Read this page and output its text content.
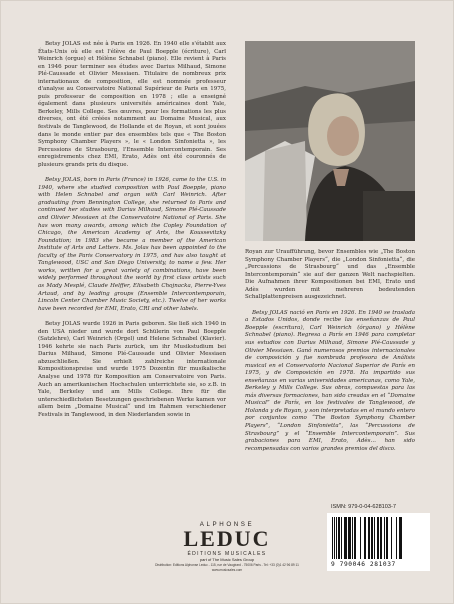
Betsy JOLAS est née à Paris en 1926. En 1940 elle s'établit aux États-Unis où elle est l'élève de Paul Boepple (écriture), Carl Weinrich (orgue) et Hélène Schnabel (piano). Elle revient à Paris en 1946 pour terminer ses études avec Darius Milhaud, Simone Plé-Caussade et Olivier Messiaen. Titulaire de nombreux prix internationaux de composition, elle est nommée professeur d'analyse au Conservatoire National Supérieur de Paris en 1975, puis professeur de composition en 1978 ; elle a enseigné également dans plusieurs universités américaines dont Yale, Berkeley, Mills College. Ses œuvres, pour les formations les plus diverses, ont été créées notamment au Domaine Musical, aux festivals de Tanglewood, de Hollande et de Royan, et sont jouées dans le monde entier par des ensembles tels que « The Boston Symphony Chamber Players », le « London Sinfonietta », les Percussions de Strasbourg, l'Ensemble Intercontemporain. Ses enregistrements chez EMI, Erato, Adès ont été couronnés de plusieurs grands prix du disque.

Betsy JOLAS, born in Paris (France) in 1926, came to the U.S. in 1940, where she studied composition with Paul Boepple, piano with Helen Schnabel and organ with Carl Weinrich. After graduating from Bennington College, she returned to Paris and continued her studies with Darius Milhaud, Simone Plé-Caussade and Olivier Messiaen at the Conservatoire National of Paris. She has won many awards, among which the Copley Foundation of Chicago, the American Academy of Arts, the Koussevitzky Foundation; in 1983 she became a member of the American Institute of Arts and Letters. Ms. Jolas has been appointed to the faculty of the Paris Conservatory in 1975, and has also taught at Tanglewood, USC and San Diego University, to name a few. Her works, written for a great variety of combinations, have been widely performed throughout the world by first class artists such as Mady Mesplé, Claude Helffer, Elisabeth Chojnacka, Pierre-Yves Artaud, and by leading groups (Ensemble Intercontemporain, Lincoln Center Chamber Music Society, etc.). Twelve of her works have been recorded for EMI, Erato, CRI and other labels.

Betsy JOLAS wurde 1926 in Paris geboren. Sie ließ sich 1940 in den USA nieder und wurde dort Schülerin von Paul Boepple (Satzlehre), Carl Weinrich (Orgel) und Helene Schnabel (Klavier). 1946 kehrte sie nach Paris zurück, um ihr Musikstudium bei Darius Milhaud, Simone Plé-Caussade und Olivier Messiaen abzuschließen. Sie erhielt zahlreiche internationale Kompositionspreise und wurde 1975 Dozentin für musikalische Analyse und 1978 für Komposition am Conservatoire von Paris. Auch an amerikanischen Hochschulen unterrichtete sie, so z.B. in Yale, Berkeley und am Mills College. Ihre für die unterschiedlichsten Besetzungen geschriebenen Werke kamen vor allem beim „Domaine Musical“ und im Rahmen verschiedener Festivals in Tanglewood, in den Niederlanden sowie in

Royan zur Uraufführung, bevor Ensembles wie „The Boston Symphony Chamber Players“, die „London Sinfonietta“, die „Percussions de Strasbourg“ und das „Ensemble Intercontemporain“ sie auf der ganzen Welt nachspielten. Die Aufnahmen ihrer Kompositionen bei EMI, Erato und Adès wurden mit mehreren bedeutenden Schallplattenpreisen ausgezeichnet.

Betsy JOLAS nació en Paris en 1926. En 1940 se traslada a Estados Unidos, donde recibe las enseñanzas de Paul Boepple (escritura), Carl Weinrich (órgano) y Hélène Schnabel (piano). Regresa a París en 1946 para completar sus estudios con Darius Milhaud, Simone Plé-Caussade y Olivier Messiaen. Ganó numerosos premios internacionales de composición y fue nombrada profesora de Análisis musical en el Conservatorio Nacional Superior de París en 1975, y de Composición en 1978. Ha impartido sus enseñanzas en varias universidades americanas, como Yale, Berkeley y Mills College. Sus obras, compuestas para las más diversas formaciones, han sido creadas en el “Domaine Musical” de París, en los festivales de Tanglewood, de Holanda y de Royan, y son interpretadas en el mundo entero por conjuntos como “The Boston Symphony Chamber Players”, “London Sinfonietta”, las “Percussions de Strasbourg” y el “Ensemble Intercontemporain”. Sus grabaciones para EMI, Erato, Adès… han sido recompensadas con varios grandes premios del disco.

ALPHONSE
LEDUC
ÉDITIONS MUSICALES
part of The Music Sales Group
Distribution: Editions Alphonse Leduc - 115, rue de Vaugirard - 75006 Paris - Tel: +33 (0)1 42 96 89 11
www.musicsales.com
ISMN: 979-0-04-628103-7
9 790046 281037
